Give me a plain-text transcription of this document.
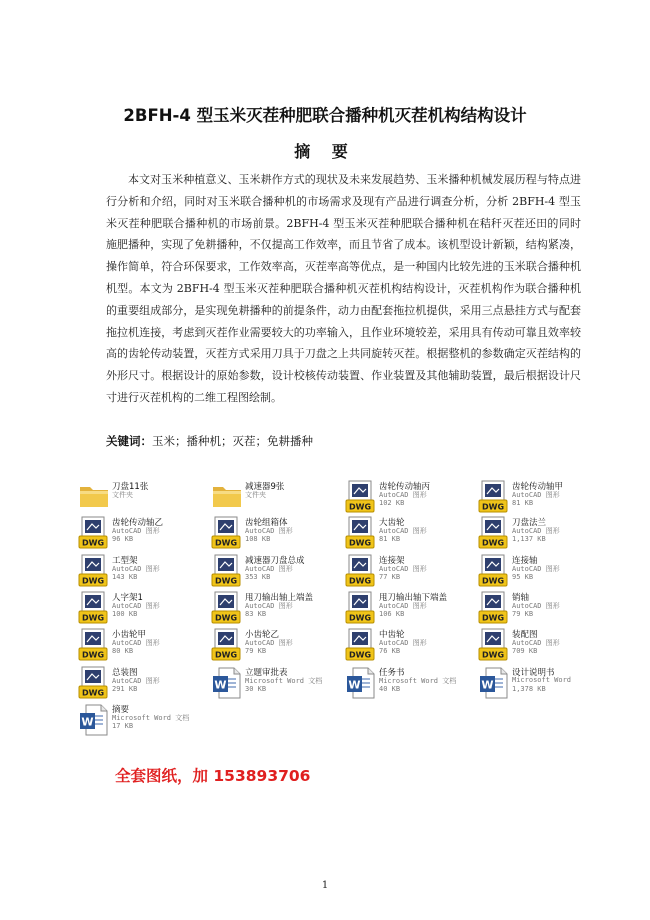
2BFH-4 型玉米灭茬种肥联合播种机灭茬机构结构设计
摘 要

本文对玉米种植意义、玉米耕作方式的现状及未来发展趋势、玉米播种机械发展历程与特点进行分析和介绍，同时对玉米联合播种机的市场需求及现有产品进行调查分析，分析 2BFH-4 型玉米灭茬种肥联合播种机的市场前景。2BFH-4 型玉米灭茬种肥联合播种机在秸秆灭茬还田的同时施肥播种，实现了免耕播种，不仅提高工作效率，而且节省了成本。该机型设计新颖，结构紧凑，操作简单，符合环保要求，工作效率高，灭茬率高等优点，是一种国内比较先进的玉米联合播种机机型。本文为 2BFH-4 型玉米灭茬种肥联合播种机灭茬机构结构设计，灭茬机构作为联合播种机的重要组成部分，是实现免耕播种的前提条件，动力由配套拖拉机提供，采用三点悬挂方式与配套拖拉机连接，考虑到灭茬作业需要较大的功率输入，且作业环境较差，采用具有传动可靠且效率较高的齿轮传动装置，灭茬方式采用刀具于刀盘之上共同旋转灭茬。根据整机的参数确定灭茬结构的外形尺寸。根据设计的原始参数，设计校核传动装置、作业装置及其他辅助装置，最后根据设计尺寸进行灭茬机构的二维工程图绘制。

关键词：玉米；播种机；灭茬；免耕播种
刀盘11张
文件夹
减速器9张
文件夹
DWG
齿轮传动轴丙
AutoCAD 图形
102 KB	DWG
齿轮传动轴甲
AutoCAD 图形
81 KB
DWG
齿轮传动轴乙
AutoCAD 图形
96 KB	DWG
齿轮组箱体
AutoCAD 图形
108 KB	DWG
大齿轮
AutoCAD 图形
81 KB	DWG
刀盘法兰
AutoCAD 图形
1,137 KB
DWG
工型架
AutoCAD 图形
143 KB	DWG
减速器刀盘总成
AutoCAD 图形
353 KB	DWG
连接架
AutoCAD 图形
77 KB	DWG
连接轴
AutoCAD 图形
95 KB
DWG
人字架1
AutoCAD 图形
100 KB	DWG
甩刀输出轴上端盖
AutoCAD 图形
83 KB	DWG
甩刀输出轴下端盖
AutoCAD 图形
106 KB	DWG
销轴
AutoCAD 图形
79 KB
DWG
小齿轮甲
AutoCAD 图形
80 KB	DWG
小齿轮乙
AutoCAD 图形
79 KB	DWG
中齿轮
AutoCAD 图形
76 KB	DWG
装配图
AutoCAD 图形
709 KB
DWG
总装图
AutoCAD 图形
291 KB	W
立题审批表
Microsoft Word 文档
30 KB	W
任务书
Microsoft Word 文档
40 KB	W
设计说明书
Microsoft Word
1,378 KB
W
摘要
Microsoft Word 文档
17 KB
全套图纸，加 153893706
1
